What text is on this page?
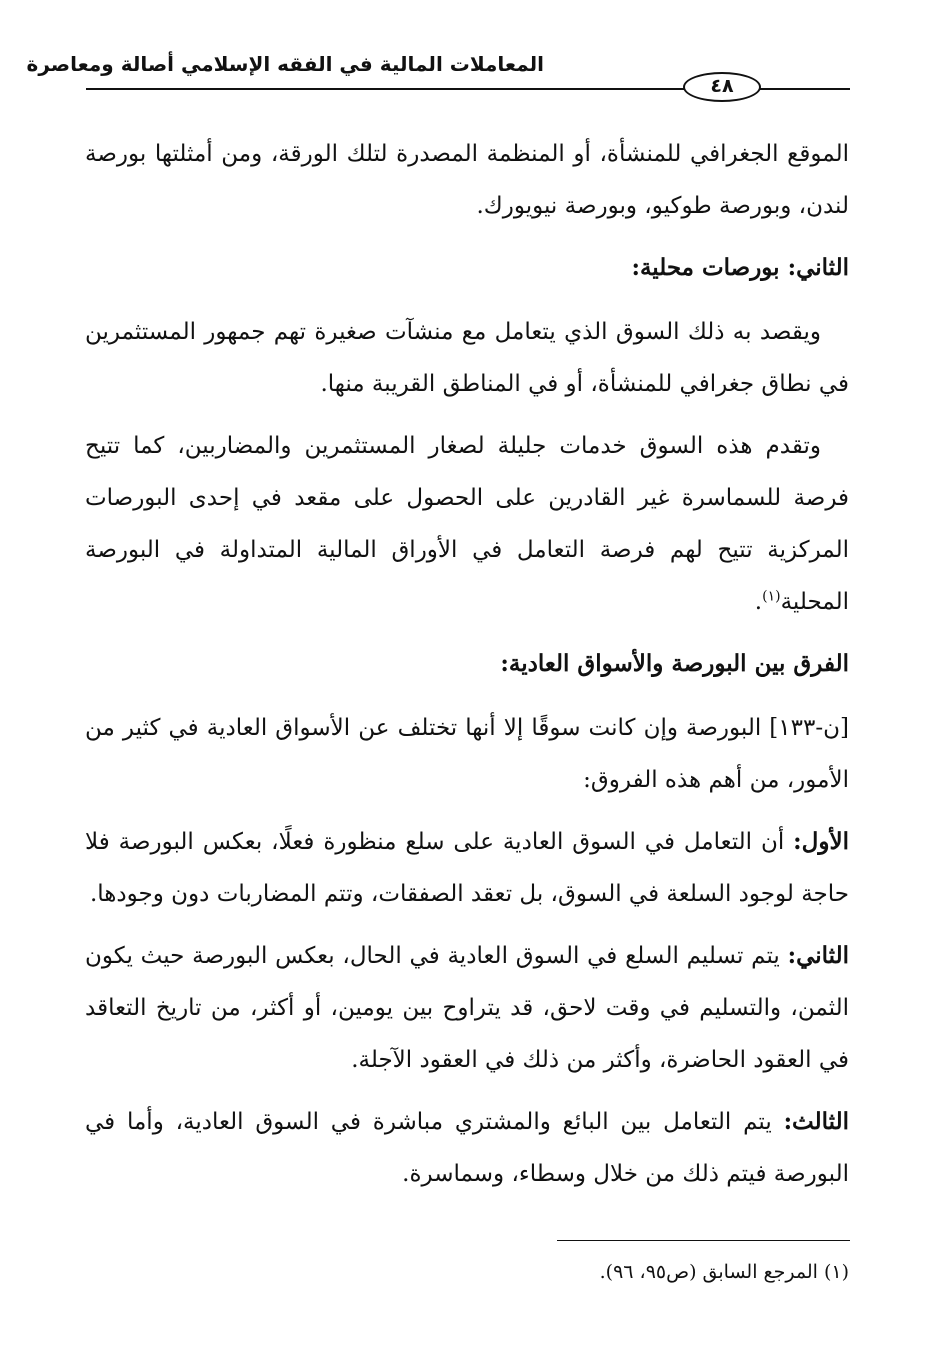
المعاملات المالية في الفقه الإسلامي أصالة ومعاصرة
٤٨

الموقع الجغرافي للمنشأة، أو المنظمة المصدرة لتلك الورقة، ومن أمثلتها بورصة لندن، وبورصة طوكيو، وبورصة نيويورك.

الثاني: بورصات محلية:

ويقصد به ذلك السوق الذي يتعامل مع منشآت صغيرة تهم جمهور المستثمرين في نطاق جغرافي للمنشأة، أو في المناطق القريبة منها.

وتقدم هذه السوق خدمات جليلة لصغار المستثمرين والمضاربين، كما تتيح فرصة للسماسرة غير القادرين على الحصول على مقعد في إحدى البورصات المركزية تتيح لهم فرصة التعامل في الأوراق المالية المتداولة في البورصة المحلية$^{(١)}$.

الفرق بين البورصة والأسواق العادية:

[ن-١٣٣] البورصة وإن كانت سوقًا إلا أنها تختلف عن الأسواق العادية في كثير من الأمور، من أهم هذه الفروق:

الأول: أن التعامل في السوق العادية على سلع منظورة فعلًا، بعكس البورصة فلا حاجة لوجود السلعة في السوق، بل تعقد الصفقات، وتتم المضاربات دون وجودها.

الثاني: يتم تسليم السلع في السوق العادية في الحال، بعكس البورصة حيث يكون الثمن، والتسليم في وقت لاحق، قد يتراوح بين يومين، أو أكثر، من تاريخ التعاقد في العقود الحاضرة، وأكثر من ذلك في العقود الآجلة.

الثالث: يتم التعامل بين البائع والمشتري مباشرة في السوق العادية، وأما في البورصة فيتم ذلك من خلال وسطاء، وسماسرة.

(١) المرجع السابق (ص٩٥، ٩٦).
